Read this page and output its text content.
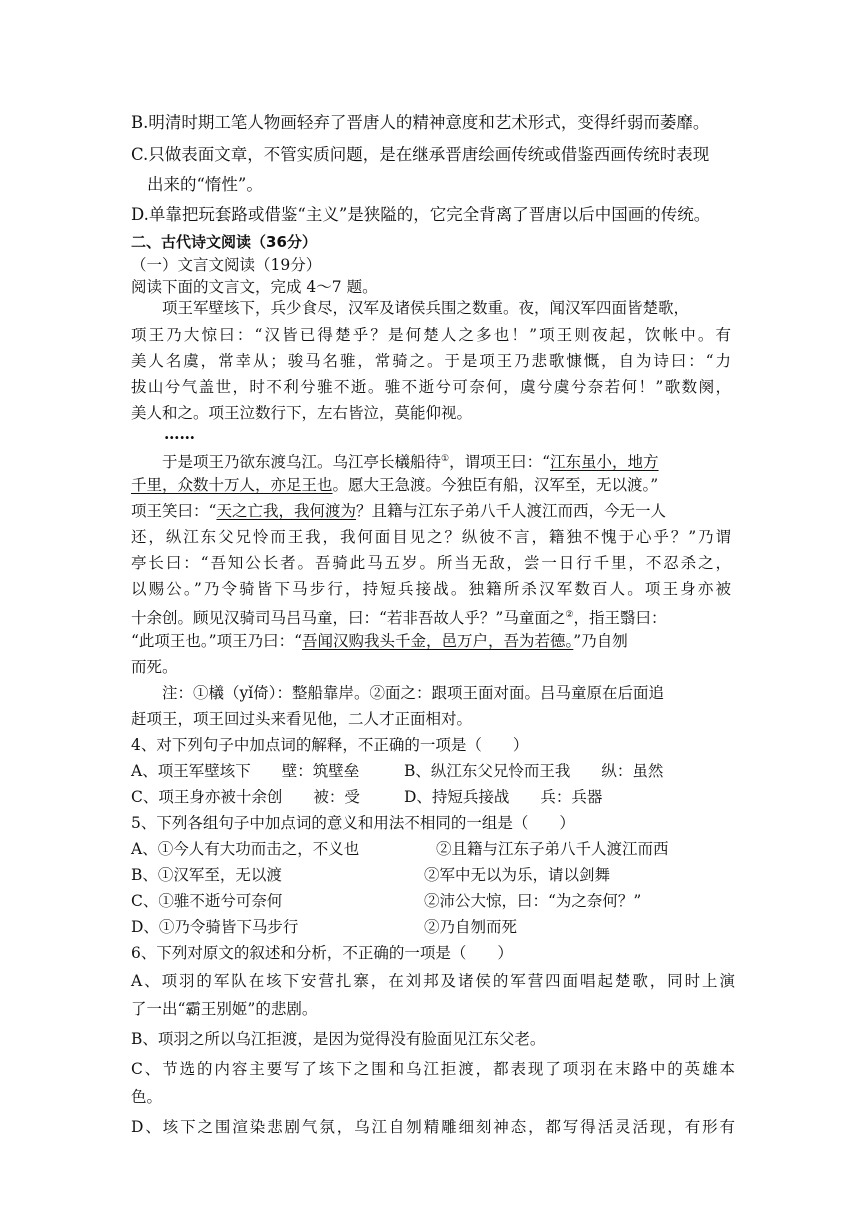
B.明清时期工笔人物画轻弃了晋唐人的精神意度和艺术形式，变得纤弱而萎靡。
C.只做表面文章，不管实质问题，是在继承晋唐绘画传统或借鉴西画传统时表现
出来的“惰性”。
D.单靠把玩套路或借鉴“主义”是狭隘的，它完全背离了晋唐以后中国画的传统。
二、古代诗文阅读（36分）
（一）文言文阅读（19分）
阅读下面的文言文，完成 4～7 题。
项王军壁垓下，兵少食尽，汉军及诸侯兵围之数重。夜，闻汉军四面皆楚歌，
项王乃大惊曰：“汉皆已得楚乎？是何楚人之多也！”项王则夜起，饮帐中。有
美人名虞，常幸从；骏马名骓，常骑之。于是项王乃悲歌慷慨，自为诗曰：“力
拔山兮气盖世，时不利兮骓不逝。骓不逝兮可奈何，虞兮虞兮奈若何！”歌数阕，
美人和之。项王泣数行下，左右皆泣，莫能仰视。
……
于是项王乃欲东渡乌江。乌江亭长檥船待①，谓项王曰：“江东虽小，地方
千里，众数十万人，亦足王也。愿大王急渡。今独臣有船，汉军至，无以渡。”
项王笑曰：“天之亡我，我何渡为？且籍与江东子弟八千人渡江而西，今无一人
还，纵江东父兄怜而王我，我何面目见之？纵彼不言，籍独不愧于心乎？”乃谓
亭长曰：“吾知公长者。吾骑此马五岁。所当无敌，尝一日行千里，不忍杀之，
以赐公。”乃令骑皆下马步行，持短兵接战。独籍所杀汉军数百人。项王身亦被
十余创。顾见汉骑司马吕马童，曰：“若非吾故人乎？”马童面之②，指王翳曰：
“此项王也。”项王乃曰：“吾闻汉购我头千金，邑万户，吾为若德。”乃自刎
而死。
注：①檥（yǐ倚）：整船靠岸。②面之：跟项王面对面。吕马童原在后面追
赶项王，项王回过头来看见他，二人才正面相对。
4、对下列句子中加点词的解释，不正确的一项是（　　）
A、项王军壁垓下　　壁：筑壁垒	B、纵江东父兄怜而王我　　纵：虽然
C、项王身亦被十余创　　被：受	D、持短兵接战　　兵：兵器
5、下列各组句子中加点词的意义和用法不相同的一组是（　　）
A、①今人有大功而击之，不义也	②且籍与江东子弟八千人渡江而西
B、①汉军至，无以渡	②军中无以为乐，请以剑舞
C、①骓不逝兮可奈何	②沛公大惊，曰：“为之奈何？”
D、①乃令骑皆下马步行	②乃自刎而死
6、下列对原文的叙述和分析，不正确的一项是（　　）
A、项羽的军队在垓下安营扎寨，在刘邦及诸侯的军营四面唱起楚歌，同时上演
了一出“霸王别姬”的悲剧。
B、项羽之所以乌江拒渡，是因为觉得没有脸面见江东父老。
C、节选的内容主要写了垓下之围和乌江拒渡，都表现了项羽在末路中的英雄本
色。
D、垓下之围渲染悲剧气氛，乌江自刎精雕细刻神态，都写得活灵活现，有形有
